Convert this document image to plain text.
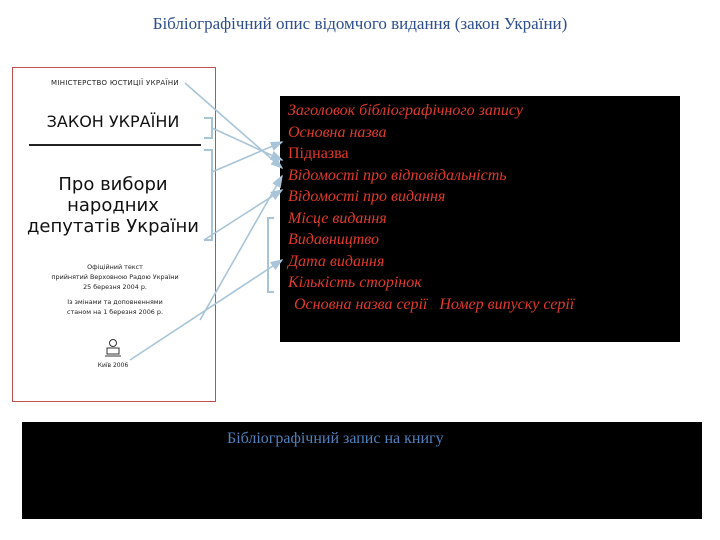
Бібліографічний опис відомчого видання (закон України)
МІНІСТЕРСТВО ЮСТИЦІЇ УКРАЇНИ
ЗАКОН УКРАЇНИ
Про вибори
народних
депутатів України
Офіційний текст
прийнятий Верховною Радою України
25 березня 2004 р.
Із змінами та доповненнями
станом на 1 березня 2006 р.
Київ 2006
Заголовок бібліографічного запису
Основна назва
Підназва
Відомості про відповідальність
Відомості про видання
Місце видання
Видавництво
Дата видання
Кількість сторінок
Основна назва серії   Номер випуску серії
Бібліографічний запис на книгу
